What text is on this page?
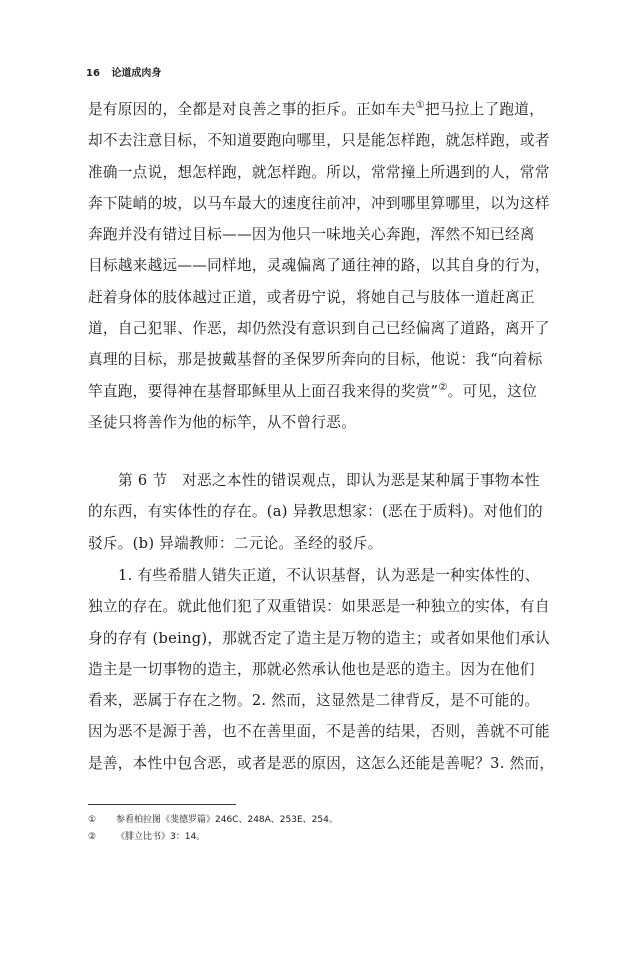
16 论道成肉身
是有原因的，全都是对良善之事的拒斥。正如车夫①把马拉上了跑道，
却不去注意目标，不知道要跑向哪里，只是能怎样跑，就怎样跑，或者
准确一点说，想怎样跑，就怎样跑。所以，常常撞上所遇到的人，常常
奔下陡峭的坡，以马车最大的速度往前冲，冲到哪里算哪里，以为这样
奔跑并没有错过目标——因为他只一味地关心奔跑，浑然不知已经离
目标越来越远——同样地，灵魂偏离了通往神的路，以其自身的行为，
赶着身体的肢体越过正道，或者毋宁说，将她自己与肢体一道赶离正
道，自己犯罪、作恶，却仍然没有意识到自己已经偏离了道路，离开了
真理的目标，那是披戴基督的圣保罗所奔向的目标，他说：我“向着标
竿直跑，要得神在基督耶稣里从上面召我来得的奖赏”②。可见，这位
圣徒只将善作为他的标竿，从不曾行恶。
第 6 节　对恶之本性的错误观点，即认为恶是某种属于事物本性
的东西，有实体性的存在。(a) 异教思想家：(恶在于质料)。对他们的
驳斥。(b) 异端教师：二元论。圣经的驳斥。
1. 有些希腊人错失正道，不认识基督，认为恶是一种实体性的、
独立的存在。就此他们犯了双重错误：如果恶是一种独立的实体，有自
身的存有 (being)，那就否定了造主是万物的造主；或者如果他们承认
造主是一切事物的造主，那就必然承认他也是恶的造主。因为在他们
看来，恶属于存在之物。2. 然而，这显然是二律背反，是不可能的。
因为恶不是源于善，也不在善里面，不是善的结果，否则，善就不可能
是善，本性中包含恶，或者是恶的原因，这怎么还能是善呢？3. 然而，
① 参看柏拉图《斐德罗篇》246C、248A、253E、254。
② 《腓立比书》3：14。
